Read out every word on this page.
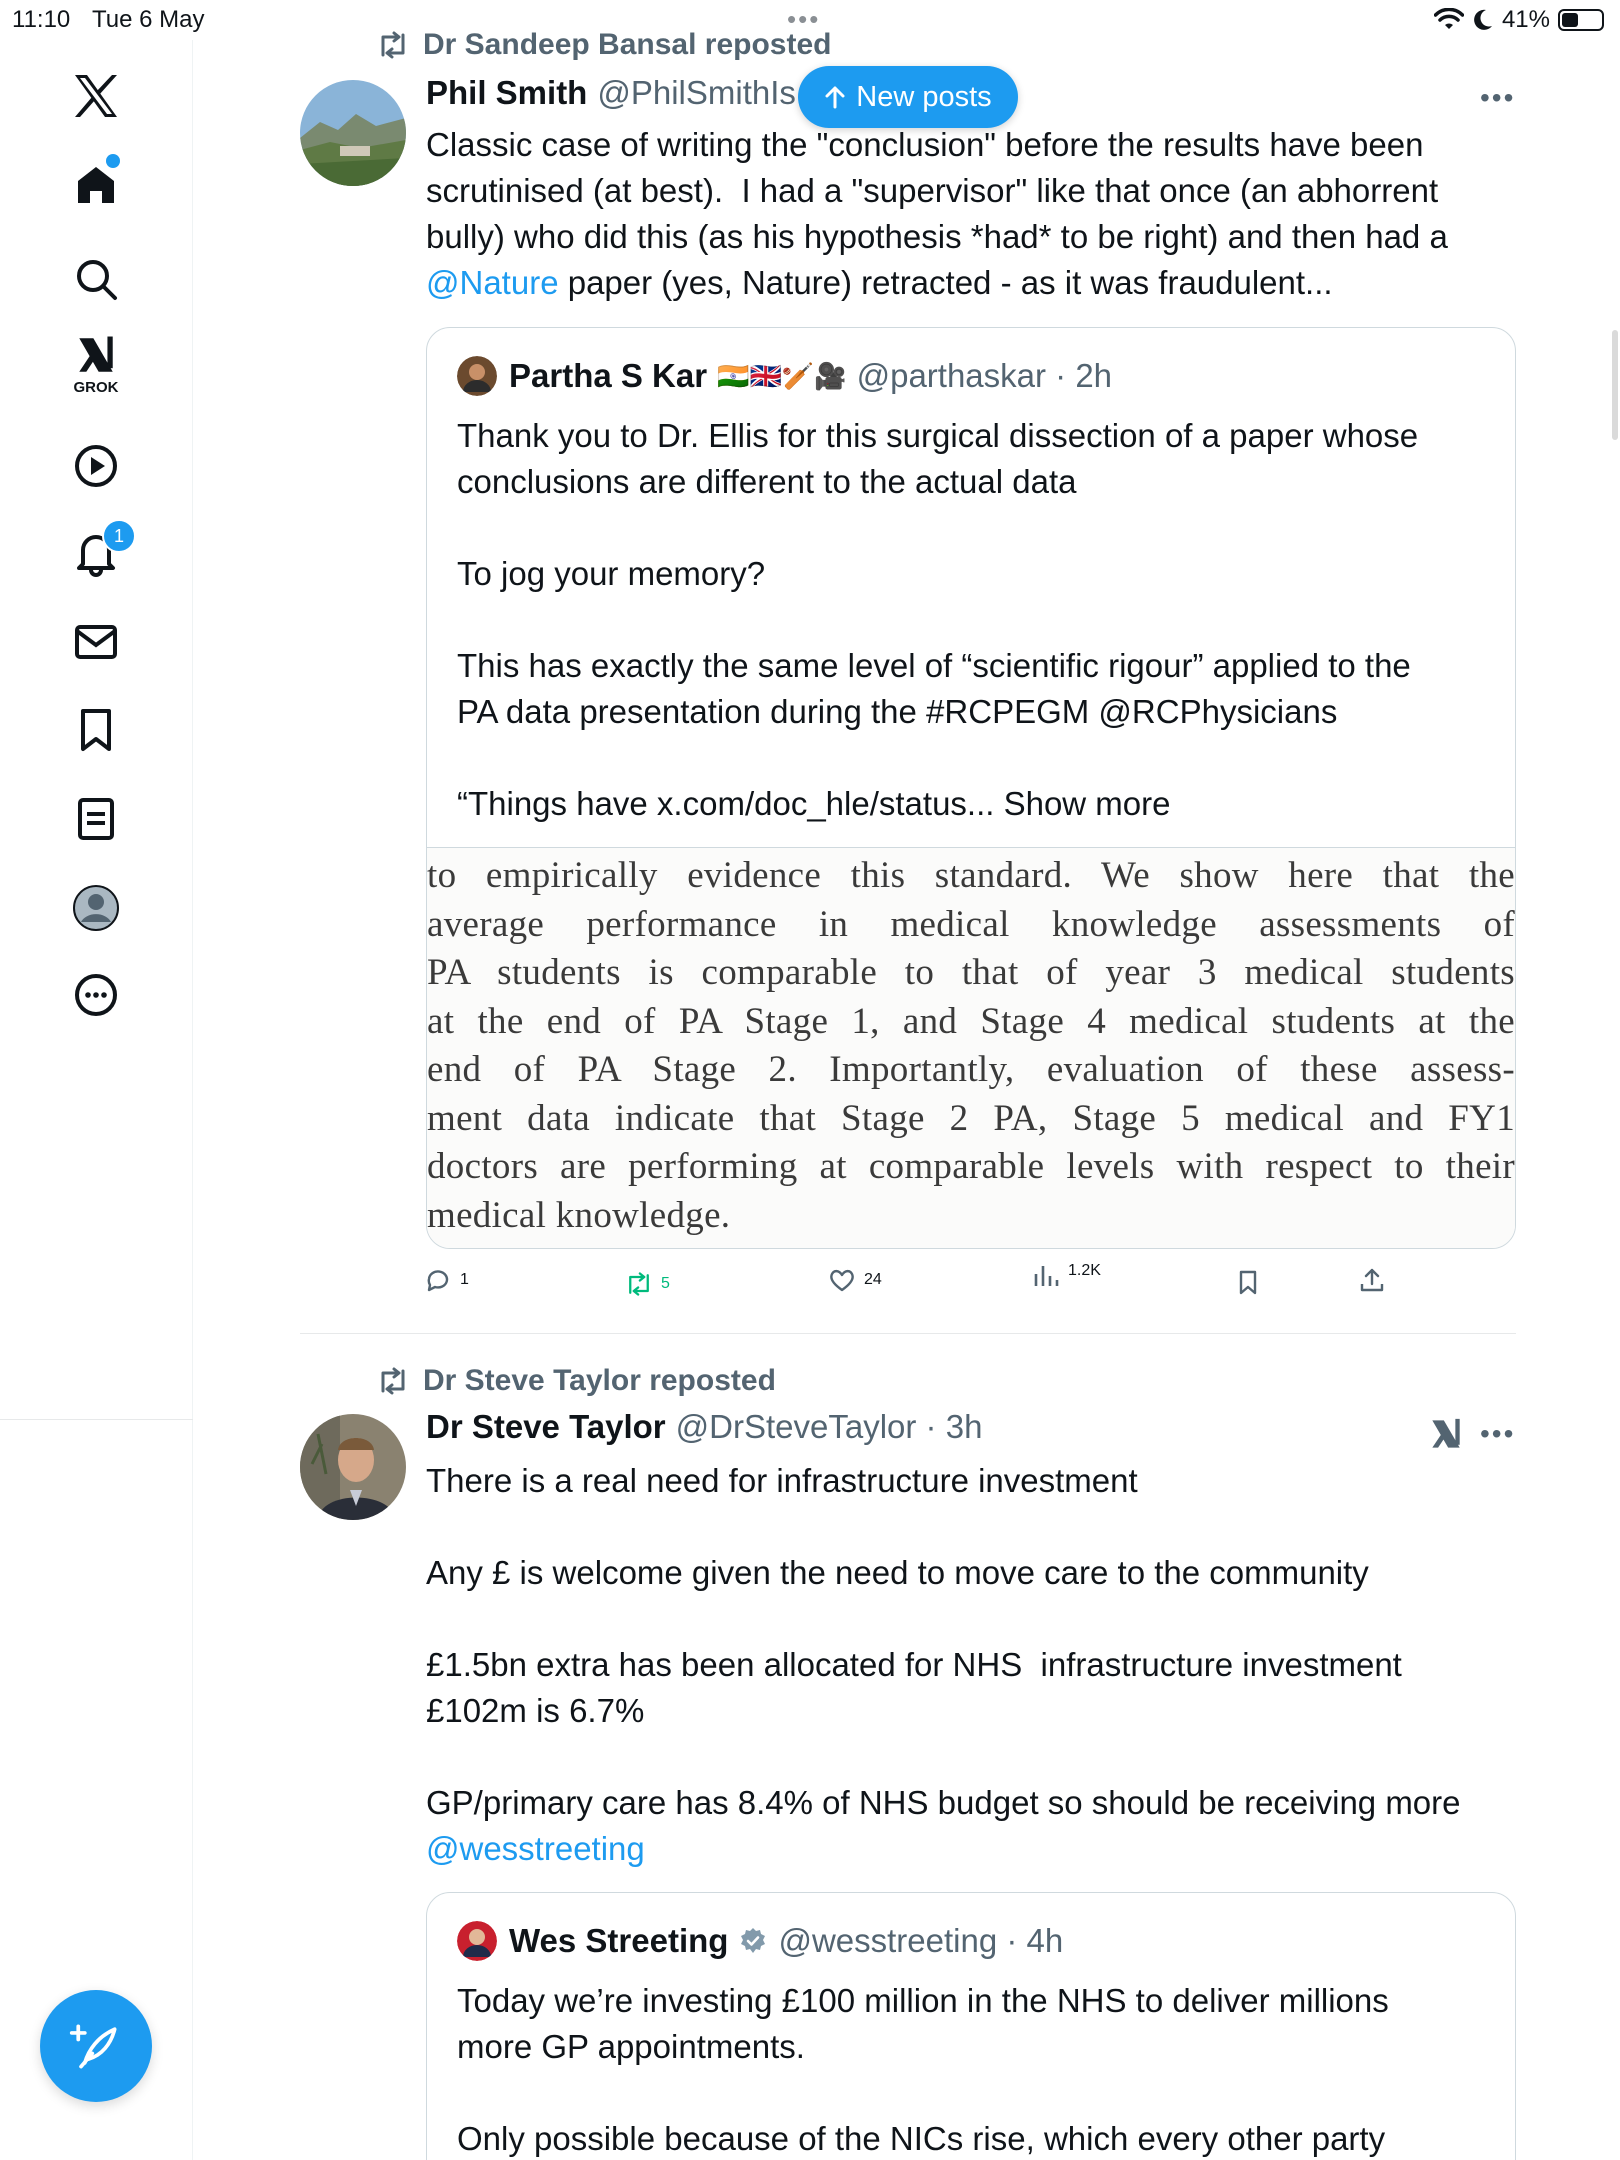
11:10 Tue 6 May	•••	41%
GROK
1
New posts
Dr Sandeep Bansal reposted
Phil Smith @PhilSmithIs	•••
Classic case of writing the "conclusion" before the results have been
scrutinised (at best).  I had a "supervisor" like that once (an abhorrent
bully) who did this (as his hypothesis *had* to be right) and then had a
@Nature paper (yes, Nature) retracted - as it was fraudulent...
Partha S Kar 🇮🇳🇬🇧🏏🎥 @parthaskar · 2h
Thank you to Dr. Ellis for this surgical dissection of a paper whose
conclusions are different to the actual data

To jog your memory?

This has exactly the same level of “scientific rigour” applied to the
PA data presentation during the #RCPEGM @RCPhysicians

“Things have x.com/doc_hle/status... Show more
to empirically evidence this standard. We show here that the
average performance in medical knowledge assessments of
PA students is comparable to that of year 3 medical students
at the end of PA Stage 1, and Stage 4 medical students at the
end of PA Stage 2. Importantly, evaluation of these assess-
ment data indicate that Stage 2 PA, Stage 5 medical and FY1
doctors are performing at comparable levels with respect to their
medical knowledge.
1	5	24
1.2K
Dr Steve Taylor reposted
Dr Steve Taylor @DrSteveTaylor · 3h	•••
There is a real need for infrastructure investment

Any £ is welcome given the need to move care to the community

£1.5bn extra has been allocated for NHS  infrastructure investment
£102m is 6.7%

GP/primary care has 8.4% of NHS budget so should be receiving more
@wesstreeting
Wes Streeting @wesstreeting · 4h
Today we’re investing £100 million in the NHS to deliver millions
more GP appointments.

Only possible because of the NICs rise, which every other party
